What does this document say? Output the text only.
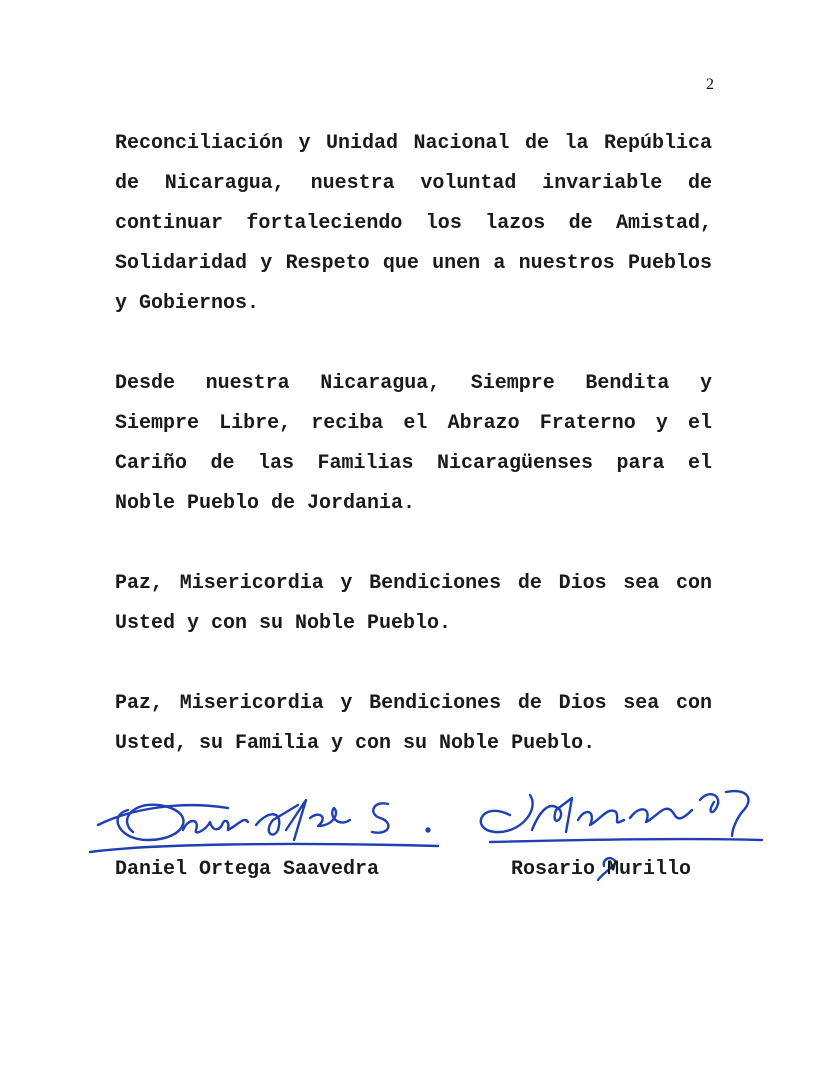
2

Reconciliación y Unidad Nacional de la República de Nicaragua, nuestra voluntad invariable de continuar fortaleciendo los lazos de Amistad, Solidaridad y Respeto que unen a nuestros Pueblos y Gobiernos.

Desde nuestra Nicaragua, Siempre Bendita y Siempre Libre, reciba el Abrazo Fraterno y el Cariño de las Familias Nicaragüenses para el Noble Pueblo de Jordania.

Paz, Misericordia y Bendiciones de Dios sea con Usted y con su Noble Pueblo.

Paz, Misericordia y Bendiciones de Dios sea con Usted, su Familia y con su Noble Pueblo.

Daniel Ortega Saavedra	Rosario Murillo
